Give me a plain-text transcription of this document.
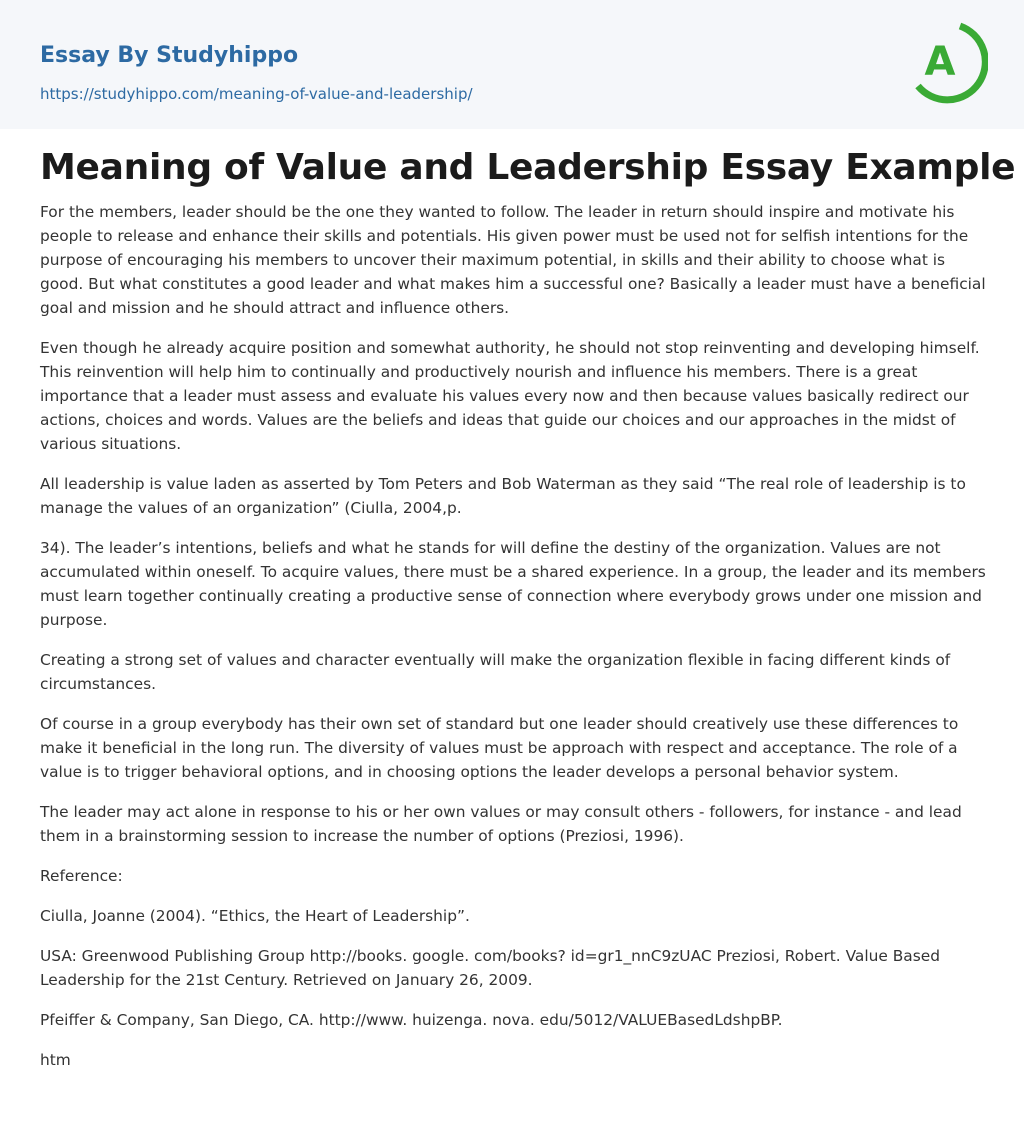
Essay By Studyhippo
https://studyhippo.com/meaning-of-value-and-leadership/
A
Meaning of Value and Leadership Essay Example

For the members, leader should be the one they wanted to follow. The leader in return should inspire and motivate his people to release and enhance their skills and potentials. His given power must be used not for selfish intentions for the purpose of encouraging his members to uncover their maximum potential, in skills and their ability to choose what is good. But what constitutes a good leader and what makes him a successful one? Basically a leader must have a beneficial goal and mission and he should attract and influence others.

Even though he already acquire position and somewhat authority, he should not stop reinventing and developing himself. This reinvention will help him to continually and productively nourish and influence his members. There is a great importance that a leader must assess and evaluate his values every now and then because values basically redirect our actions, choices and words. Values are the beliefs and ideas that guide our choices and our approaches in the midst of various situations.

All leadership is value laden as asserted by Tom Peters and Bob Waterman as they said “The real role of leadership is to manage the values of an organization” (Ciulla, 2004,p.

34). The leader’s intentions, beliefs and what he stands for will define the destiny of the organization. Values are not accumulated within oneself. To acquire values, there must be a shared experience. In a group, the leader and its members must learn together continually creating a productive sense of connection where everybody grows under one mission and purpose.

Creating a strong set of values and character eventually will make the organization flexible in facing different kinds of circumstances.

Of course in a group everybody has their own set of standard but one leader should creatively use these differences to make it beneficial in the long run. The diversity of values must be approach with respect and acceptance. The role of a value is to trigger behavioral options, and in choosing options the leader develops a personal behavior system.

The leader may act alone in response to his or her own values or may consult others - followers, for instance - and lead them in a brainstorming session to increase the number of options (Preziosi, 1996).

Reference:

Ciulla, Joanne (2004). “Ethics, the Heart of Leadership”.

USA: Greenwood Publishing Group http://books. google. com/books? id=gr1_nnC9zUAC Preziosi, Robert. Value Based Leadership for the 21st Century. Retrieved on January 26, 2009.

Pfeiffer & Company, San Diego, CA. http://www. huizenga. nova. edu/5012/VALUEBasedLdshpBP.

htm
